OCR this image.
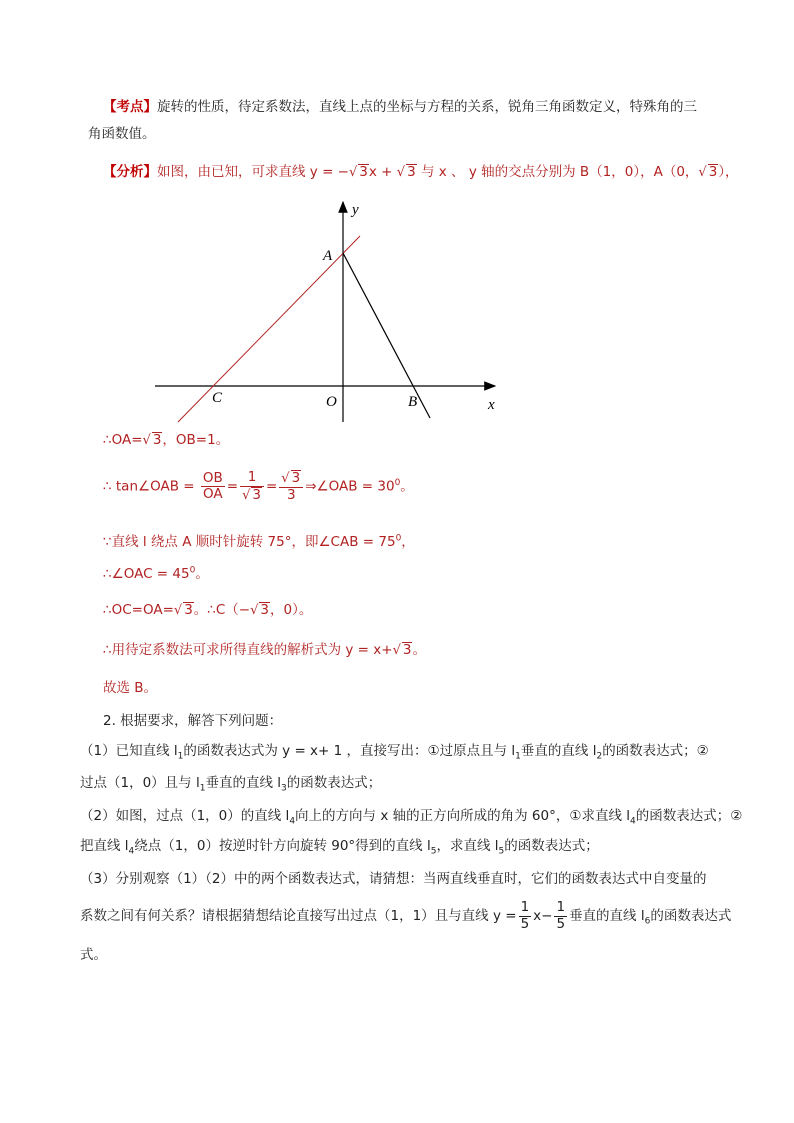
【考点】旋转的性质，待定系数法，直线上点的坐标与方程的关系，锐角三角函数定义，特殊角的三
角函数值。
【分析】如图，由已知，可求直线 y = −√ 3x + √ 3 与 x 、 y 轴的交点分别为 B（1，0），A（0，√ 3），
y
x
A
B
C	O
∴OA=√ 3，OB=1。
∴ tan∠OAB = $\frac{OB}{OA} = \frac{1}{√ 3} = \frac{√ 3}{3}$ ⇒∠OAB = $30^0$。
∵直线 l 绕点 A 顺时针旋转 75°，即∠CAB = $75^0$，
∴∠OAC = $45^0$。
∴OC=OA=√ 3。∴C（−√ 3，0）。
∴用待定系数法可求所得直线的解析式为 y = x+√ 3。
故选 B。
2. 根据要求，解答下列问题：
（1）已知直线 $l_1$的函数表达式为 y = x+ 1 ，直接写出：①过原点且与 $l_1$垂直的直线 $l_2$的函数表达式；②
过点（1，0）且与 $l_1$垂直的直线 $l_3$的函数表达式；
（2）如图，过点（1，0）的直线 $l_4$向上的方向与 x 轴的正方向所成的角为 60°，①求直线 $l_4$的函数表达式；②
把直线 $l_4$绕点（1，0）按逆时针方向旋转 90°得到的直线 $l_5$，求直线 $l_5$的函数表达式；
（3）分别观察（1）（2）中的两个函数表达式，请猜想：当两直线垂直时，它们的函数表达式中自变量的
系数之间有何关系？请根据猜想结论直接写出过点（1，1）且与直线 $y = \frac{1}{5} x- \frac{1}{5}$ 垂直的直线 $l_6$的函数表达式
式。
